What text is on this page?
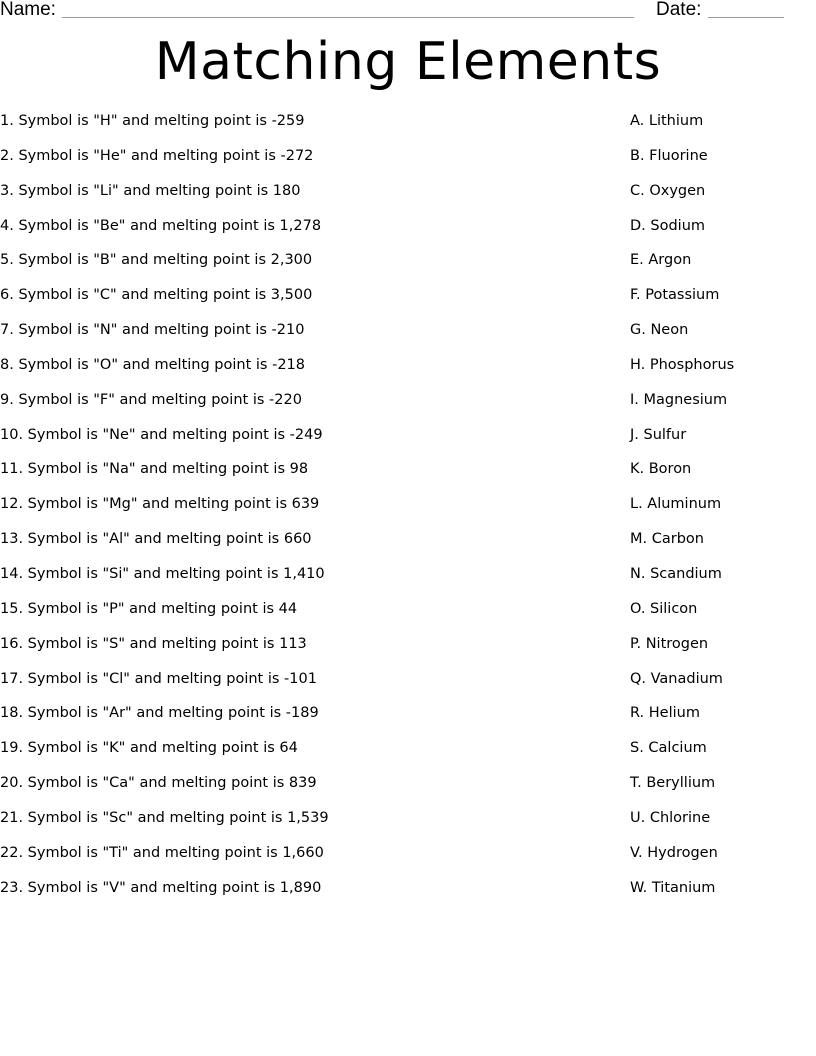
Name:	Date:
Matching Elements
1. Symbol is "H" and melting point is -259
2. Symbol is "He" and melting point is -272
3. Symbol is "Li" and melting point is 180
4. Symbol is "Be" and melting point is 1,278
5. Symbol is "B" and melting point is 2,300
6. Symbol is "C" and melting point is 3,500
7. Symbol is "N" and melting point is -210
8. Symbol is "O" and melting point is -218
9. Symbol is "F" and melting point is -220
10. Symbol is "Ne" and melting point is -249
11. Symbol is "Na" and melting point is 98
12. Symbol is "Mg" and melting point is 639
13. Symbol is "Al" and melting point is 660
14. Symbol is "Si" and melting point is 1,410
15. Symbol is "P" and melting point is 44
16. Symbol is "S" and melting point is 113
17. Symbol is "Cl" and melting point is -101
18. Symbol is "Ar" and melting point is -189
19. Symbol is "K" and melting point is 64
20. Symbol is "Ca" and melting point is 839
21. Symbol is "Sc" and melting point is 1,539
22. Symbol is "Ti" and melting point is 1,660
23. Symbol is "V" and melting point is 1,890
A. Lithium
B. Fluorine
C. Oxygen
D. Sodium
E. Argon
F. Potassium
G. Neon
H. Phosphorus
I. Magnesium
J. Sulfur
K. Boron
L. Aluminum
M. Carbon
N. Scandium
O. Silicon
P. Nitrogen
Q. Vanadium
R. Helium
S. Calcium
T. Beryllium
U. Chlorine
V. Hydrogen
W. Titanium
